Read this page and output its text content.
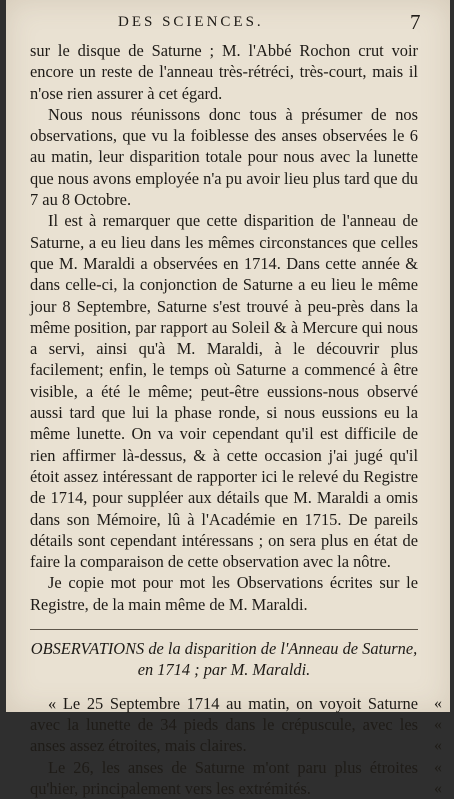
DES SCIENCES.	7

sur le disque de Saturne ; M. l'Abbé Rochon crut voir encore un reste de l'anneau très-rétréci, très-court, mais il n'ose rien assurer à cet égard.

Nous nous réunissons donc tous à présumer de nos observations, que vu la foiblesse des anses observées le 6 au matin, leur disparition totale pour nous avec la lunette que nous avons employée n'a pu avoir lieu plus tard que du 7 au 8 Octobre.

Il est à remarquer que cette disparition de l'anneau de Saturne, a eu lieu dans les mêmes circonstances que celles que M. Maraldi a observées en 1714. Dans cette année & dans celle-ci, la conjonction de Saturne a eu lieu le même jour 8 Septembre, Saturne s'est trouvé à peu-près dans la même position, par rapport au Soleil & à Mercure qui nous a servi, ainsi qu'à M. Maraldi, à le découvrir plus facilement; enfin, le temps où Saturne a commencé à être visible, a été le même; peut-être eussions-nous observé aussi tard que lui la phase ronde, si nous eussions eu la même lunette. On va voir cependant qu'il est difficile de rien affirmer là-dessus, & à cette occasion j'ai jugé qu'il étoit assez intéressant de rapporter ici le relevé du Registre de 1714, pour suppléer aux détails que M. Maraldi a omis dans son Mémoire, lû à l'Académie en 1715. De pareils détails sont cependant intéressans ; on sera plus en état de faire la comparaison de cette observation avec la nôtre.

Je copie mot pour mot les Observations écrites sur le Registre, de la main même de M. Maraldi.

OBSERVATIONS de la disparition de l'Anneau de Saturne, en 1714 ; par M. Maraldi.
«
«
«
«
«

« Le 25 Septembre 1714 au matin, on voyoit Saturne avec la lunette de 34 pieds dans le crépuscule, avec les anses assez étroites, mais claires.

Le 26, les anses de Saturne m'ont paru plus étroites qu'hier, principalement vers les extrémités.
